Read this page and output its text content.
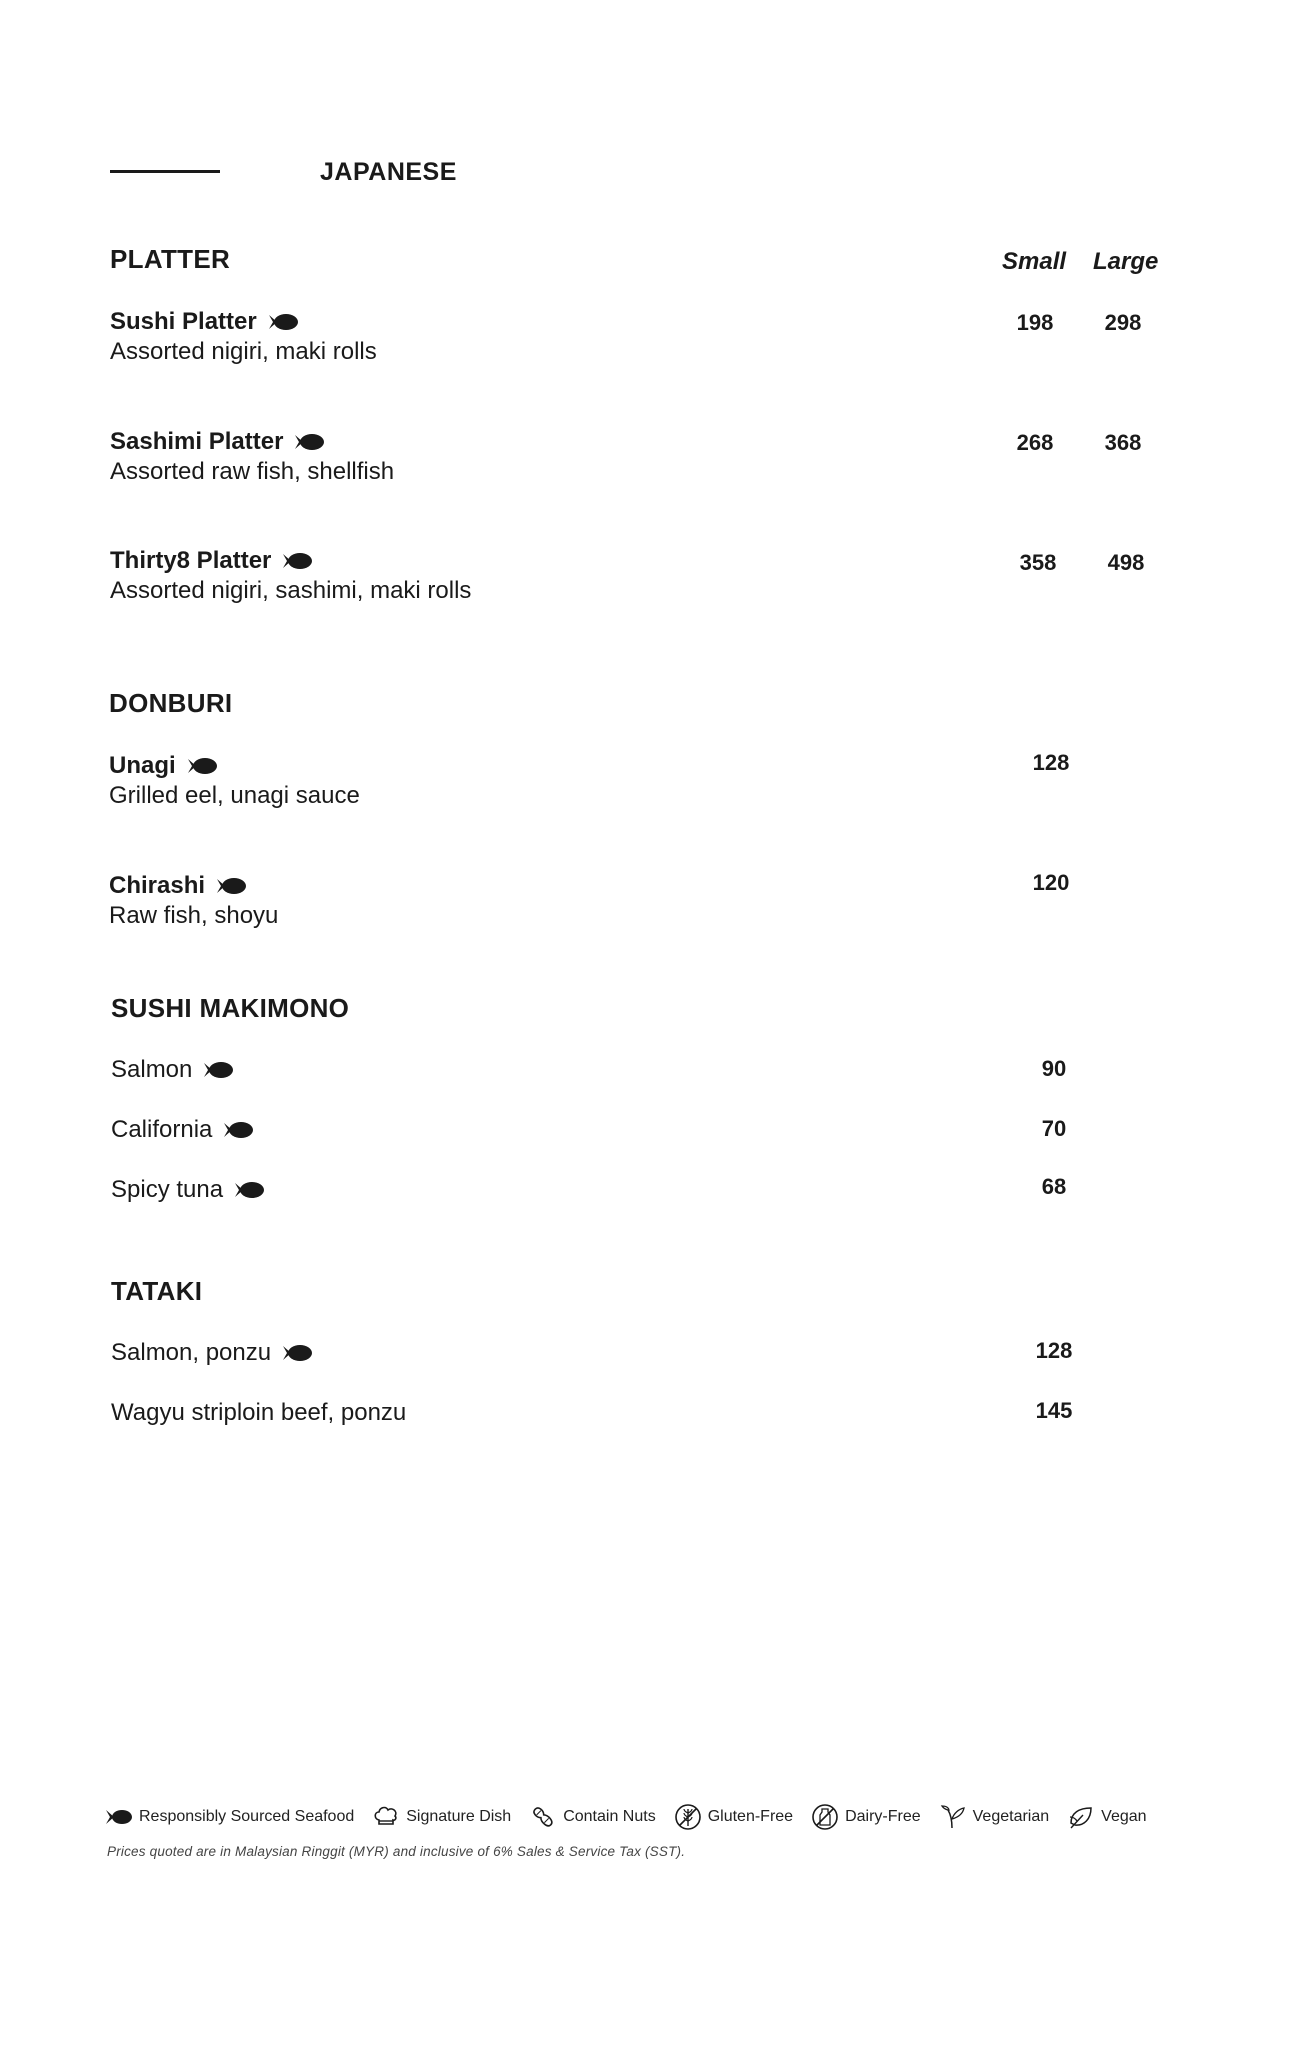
JAPANESE
PLATTER	Small Large
Sushi Platter
Assorted nigiri, maki rolls
198	298
Sashimi Platter
Assorted raw fish, shellfish
268	368
Thirty8 Platter
Assorted nigiri, sashimi, maki rolls
358	498
DONBURI
Unagi
Grilled eel, unagi sauce
128
Chirashi
Raw fish, shoyu
120
SUSHI MAKIMONO
Salmon	90
California	70
Spicy tuna	68
TATAKI
Salmon, ponzu	128
Wagyu striploin beef, ponzu	145
Responsibly Sourced Seafood	Signature Dish	Contain Nuts	Gluten-Free	Dairy-Free	Vegetarian	Vegan
Prices quoted are in Malaysian Ringgit (MYR) and inclusive of 6% Sales & Service Tax (SST).
